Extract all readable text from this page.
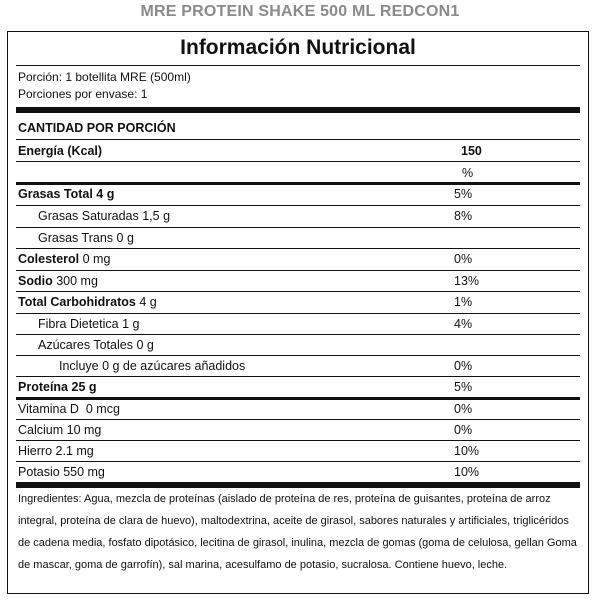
MRE PROTEIN SHAKE 500 ML REDCON1
Información Nutricional
Porción: 1 botellita MRE (500ml)
Porciones por envase: 1
CANTIDAD POR PORCIÓN
Energía (Kcal)	150
%
Grasas Total 4 g	5%
Grasas Saturadas 1,5 g	8%
Grasas Trans 0 g
Colesterol 0 mg	0%
Sodio 300 mg	13%
Total Carbohidratos 4 g	1%
Fibra Dietetica 1 g	4%
Azúcares Totales 0 g
Incluye 0 g de azúcares añadidos	0%
Proteína 25 g	5%
Vitamina D 0 mcg	0%
Calcium 10 mg	0%
Hierro 2.1 mg	10%
Potasio 550 mg	10%
Ingredientes: Agua, mezcla de proteínas (aislado de proteína de res, proteína de guisantes, proteína de arroz integral, proteína de clara de huevo), maltodextrina, aceite de girasol, sabores naturales y artificiales, triglicéridos de cadena media, fosfato dipotásico, lecitina de girasol, inulina, mezcla de gomas (goma de celulosa, gellan Goma de mascar, goma de garrofín), sal marina, acesulfamo de potasio, sucralosa. Contiene huevo, leche.
